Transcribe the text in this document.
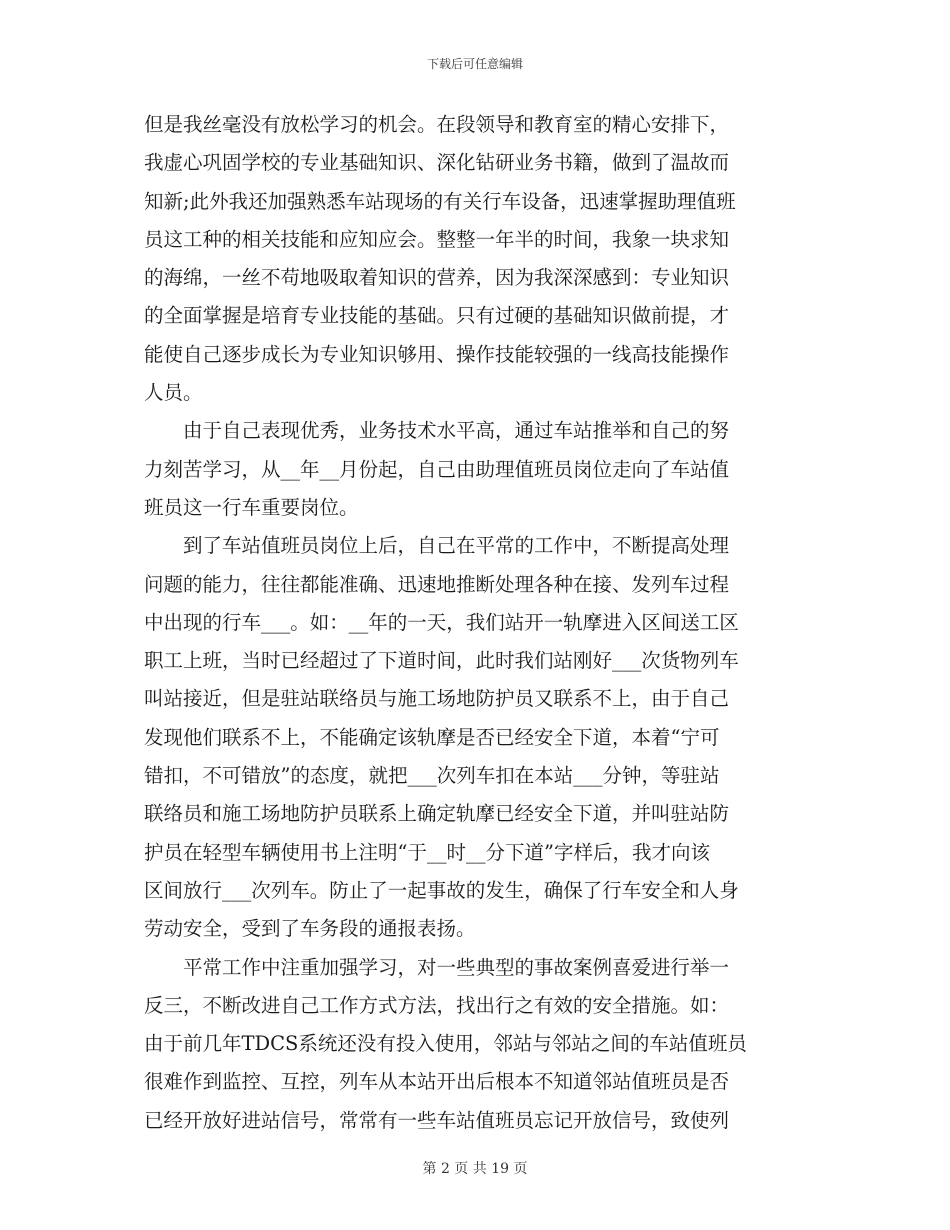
下载后可任意编辑
但是我丝毫没有放松学习的机会。在段领导和教育室的精心安排下，
我虚心巩固学校的专业基础知识、深化钻研业务书籍，做到了温故而
知新;此外我还加强熟悉车站现场的有关行车设备，迅速掌握助理值班
员这工种的相关技能和应知应会。整整一年半的时间，我象一块求知
的海绵，一丝不苟地吸取着知识的营养，因为我深深感到：专业知识
的全面掌握是培育专业技能的基础。只有过硬的基础知识做前提，才
能使自己逐步成长为专业知识够用、操作技能较强的一线高技能操作
人员。
由于自己表现优秀，业务技术水平高，通过车站推举和自己的努
力刻苦学习，从__年__月份起，自己由助理值班员岗位走向了车站值
班员这一行车重要岗位。
到了车站值班员岗位上后，自己在平常的工作中，不断提高处理
问题的能力，往往都能准确、迅速地推断处理各种在接、发列车过程
中出现的行车___。如：__年的一天，我们站开一轨摩进入区间送工区
职工上班，当时已经超过了下道时间，此时我们站刚好___次货物列车
叫站接近，但是驻站联络员与施工场地防护员又联系不上，由于自己
发现他们联系不上，不能确定该轨摩是否已经安全下道，本着“宁可
错扣，不可错放”的态度，就把___次列车扣在本站___分钟，等驻站
联络员和施工场地防护员联系上确定轨摩已经安全下道，并叫驻站防
护员在轻型车辆使用书上注明“于__时__分下道”字样后，我才向该
区间放行___次列车。防止了一起事故的发生，确保了行车安全和人身
劳动安全，受到了车务段的通报表扬。
平常工作中注重加强学习，对一些典型的事故案例喜爱进行举一
反三，不断改进自己工作方式方法，找出行之有效的安全措施。如：
由于前几年TDCS系统还没有投入使用，邻站与邻站之间的车站值班员
很难作到监控、互控，列车从本站开出后根本不知道邻站值班员是否
已经开放好进站信号，常常有一些车站值班员忘记开放信号，致使列
第 2 页 共 19 页
